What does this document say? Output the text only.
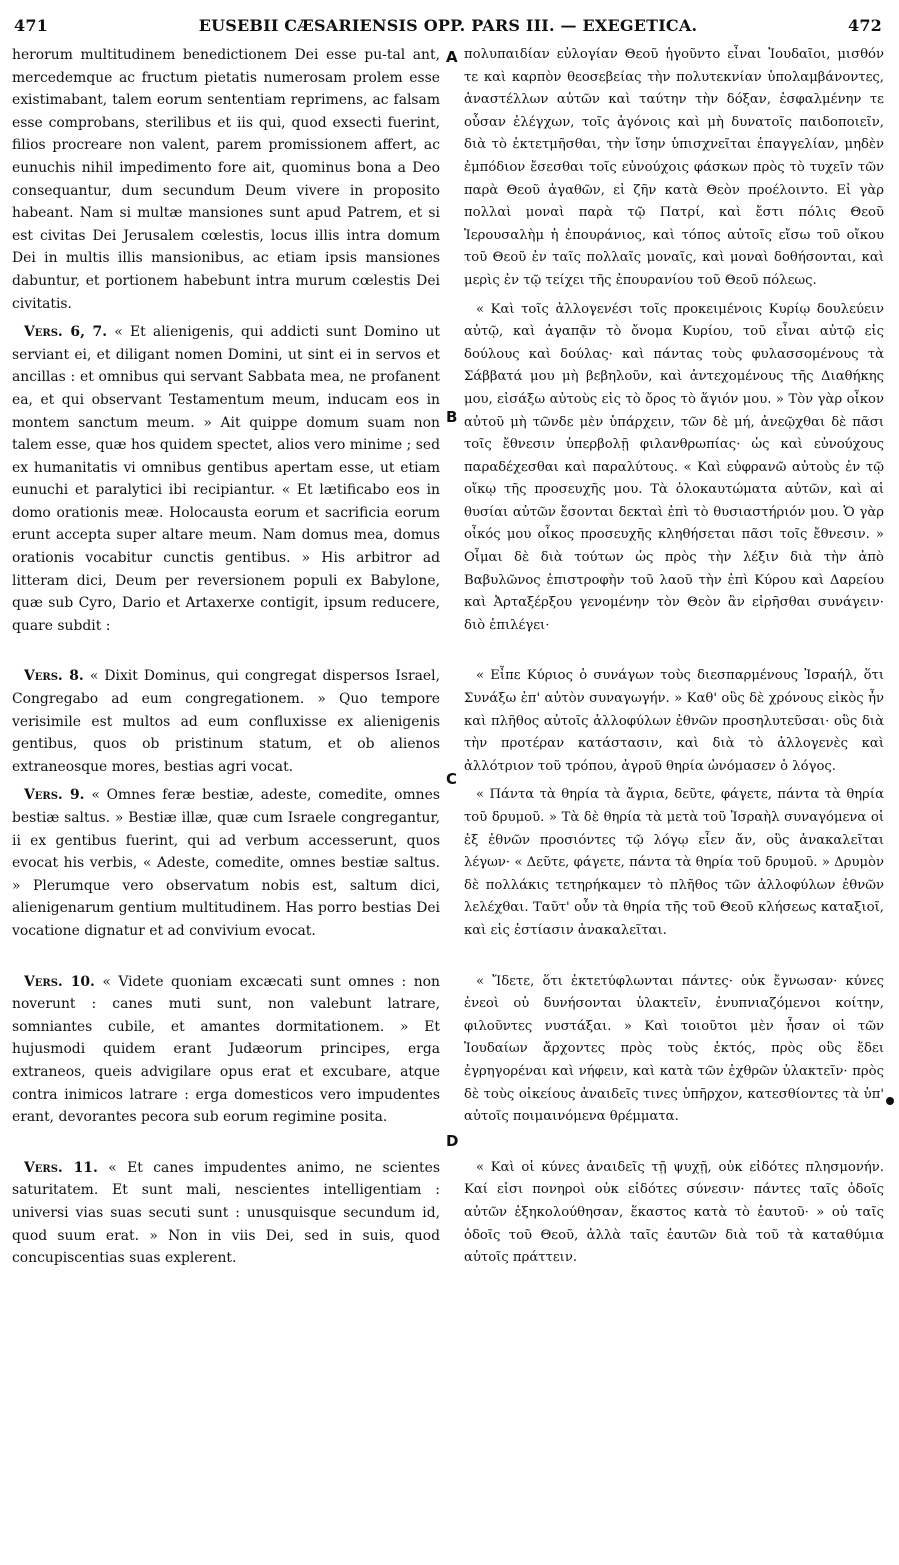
471	EUSEBII CÆSARIENSIS OPP. PARS III. — EXEGETICA.	472

herorum multitudinem benedictionem Dei esse pu-tal ant, mercedemque ac fructum pietatis numerosam prolem esse existimabant, talem eorum sententiam reprimens, ac falsam esse comprobans, sterilibus et iis qui, quod exsecti fuerint, filios procreare non valent, parem promissionem affert, ac eunuchis nihil impedimento fore ait, quominus bona a Deo consequantur, dum secundum Deum vivere in proposito habeant. Nam si multæ mansiones sunt apud Patrem, et si est civitas Dei Jerusalem cœlestis, locus illis intra domum Dei in multis illis mansionibus, ac etiam ipsis mansiones dabuntur, et portionem habebunt intra murum cœlestis Dei civitatis.

Vers. 6, 7. « Et alienigenis, qui addicti sunt Domino ut serviant ei, et diligant nomen Domini, ut sint ei in servos et ancillas : et omnibus qui servant Sabbata mea, ne profanent ea, et qui observant Testamentum meum, inducam eos in montem sanctum meum. » Ait quippe domum suam non talem esse, quæ hos quidem spectet, alios vero minime ; sed ex humanitatis vi omnibus gentibus apertam esse, ut etiam eunuchi et paralytici ibi recipiantur. « Et lætificabo eos in domo orationis meæ. Holocausta eorum et sacrificia eorum erunt accepta super altare meum. Nam domus mea, domus orationis vocabitur cunctis gentibus. » His arbitror ad litteram dici, Deum per reversionem populi ex Babylone, quæ sub Cyro, Dario et Artaxerxe contigit, ipsum reducere, quare subdit :

Vers. 8. « Dixit Dominus, qui congregat dispersos Israel, Congregabo ad eum congregationem. » Quo tempore verisimile est multos ad eum confluxisse ex alienigenis gentibus, quos ob pristinum statum, et ob alienos extraneosque mores, bestias agri vocat.

Vers. 9. « Omnes feræ bestiæ, adeste, comedite, omnes bestiæ saltus. » Bestiæ illæ, quæ cum Israele congregantur, ii ex gentibus fuerint, qui ad verbum accesserunt, quos evocat his verbis, « Adeste, comedite, omnes bestiæ saltus. » Plerumque vero observatum nobis est, saltum dici, alienigenarum gentium multitudinem. Has porro bestias Dei vocatione dignatur et ad convivium evocat.

Vers. 10. « Videte quoniam excæcati sunt omnes : non noverunt : canes muti sunt, non valebunt latrare, somniantes cubile, et amantes dormitationem. » Et hujusmodi quidem erant Judæorum principes, erga extraneos, queis advigilare opus erat et excubare, atque contra inimicos latrare : erga domesticos vero impudentes erant, devorantes pecora sub eorum regimine posita.

Vers. 11. « Et canes impudentes animo, ne scientes saturitatem. Et sunt mali, nescientes intelligentiam : universi vias suas secuti sunt : unusquisque secundum id, quod suum erat. » Non in viis Dei, sed in suis, quod concupiscentias suas explerent.

A
B
C
D

πολυπαιδίαν εὐλογίαν Θεοῦ ἡγοῦντο εἶναι Ἰουδαῖοι, μισθόν τε καὶ καρπὸν θεοσεβείας τὴν πολυτεκνίαν ὑπολαμβάνοντες, ἀναστέλλων αὐτῶν καὶ ταύτην τὴν δόξαν, ἐσφαλμένην τε οὖσαν ἐλέγχων, τοῖς ἀγόνοις καὶ μὴ δυνατοῖς παιδοποιεῖν, διὰ τὸ ἐκτετμῆσθαι, τὴν ἴσην ὑπισχνεῖται ἐπαγγελίαν, μηδὲν ἐμπόδιον ἔσεσθαι τοῖς εὐνούχοις φάσκων πρὸς τὸ τυχεῖν τῶν παρὰ Θεοῦ ἀγαθῶν, εἰ ζῆν κατὰ Θεὸν προέλοιντο. Εἰ γὰρ πολλαὶ μοναὶ παρὰ τῷ Πατρί, καὶ ἔστι πόλις Θεοῦ Ἱερουσαλὴμ ἡ ἐπουράνιος, καὶ τόπος αὐτοῖς εἴσω τοῦ οἴκου τοῦ Θεοῦ ἐν ταῖς πολλαῖς μοναῖς, καὶ μοναὶ δοθήσονται, καὶ μερὶς ἐν τῷ τείχει τῆς ἐπουρανίου τοῦ Θεοῦ πόλεως.

« Καὶ τοῖς ἀλλογενέσι τοῖς προκειμένοις Κυρίῳ δουλεύειν αὐτῷ, καὶ ἀγαπᾷν τὸ ὄνομα Κυρίου, τοῦ εἶναι αὐτῷ εἰς δούλους καὶ δούλας· καὶ πάντας τοὺς φυλασσομένους τὰ Σάββατά μου μὴ βεβηλοῦν, καὶ ἀντεχομένους τῆς Διαθήκης μου, εἰσάξω αὐτοὺς εἰς τὸ ὄρος τὸ ἅγιόν μου. » Τὸν γὰρ οἶκον αὐτοῦ μὴ τῶνδε μὲν ὑπάρχειν, τῶν δὲ μή, ἀνεῷχθαι δὲ πᾶσι τοῖς ἔθνεσιν ὑπερβολῇ φιλανθρωπίας· ὡς καὶ εὐνούχους παραδέχεσθαι καὶ παραλύτους. « Καὶ εὐφρανῶ αὐτοὺς ἐν τῷ οἴκῳ τῆς προσευχῆς μου. Τὰ ὁλοκαυτώματα αὐτῶν, καὶ αἱ θυσίαι αὐτῶν ἔσονται δεκταὶ ἐπὶ τὸ θυσιαστήριόν μου. Ὁ γὰρ οἶκός μου οἶκος προσευχῆς κληθήσεται πᾶσι τοῖς ἔθνεσιν. » Οἶμαι δὲ διὰ τούτων ὡς πρὸς τὴν λέξιν διὰ τὴν ἀπὸ Βαβυλῶνος ἐπιστροφὴν τοῦ λαοῦ τὴν ἐπὶ Κύρου καὶ Δαρείου καὶ Ἀρταξέρξου γενομένην τὸν Θεὸν ἂν εἰρῆσθαι συνάγειν· διὸ ἐπιλέγει·

« Εἶπε Κύριος ὁ συνάγων τοὺς διεσπαρμένους Ἰσραήλ, ὅτι Συνάξω ἐπ' αὐτὸν συναγωγήν. » Καθ' οὓς δὲ χρόνους εἰκὸς ἦν καὶ πλῆθος αὐτοῖς ἀλλοφύλων ἐθνῶν προσηλυτεῦσαι· οὓς διὰ τὴν προτέραν κατάστασιν, καὶ διὰ τὸ ἀλλογενὲς καὶ ἀλλότριον τοῦ τρόπου, ἀγροῦ θηρία ὠνόμασεν ὁ λόγος.

« Πάντα τὰ θηρία τὰ ἄγρια, δεῦτε, φάγετε, πάντα τὰ θηρία τοῦ δρυμοῦ. » Τὰ δὲ θηρία τὰ μετὰ τοῦ Ἰσραὴλ συναγόμενα οἱ ἐξ ἐθνῶν προσιόντες τῷ λόγῳ εἶεν ἄν, οὓς ἀνακαλεῖται λέγων· « Δεῦτε, φάγετε, πάντα τὰ θηρία τοῦ δρυμοῦ. » Δρυμὸν δὲ πολλάκις τετηρήκαμεν τὸ πλῆθος τῶν ἀλλοφύλων ἐθνῶν λελέχθαι. Ταῦτ' οὖν τὰ θηρία τῆς τοῦ Θεοῦ κλήσεως καταξιοῖ, καὶ εἰς ἑστίασιν ἀνακαλεῖται.

« Ἴδετε, ὅτι ἐκτετύφλωνται πάντες· οὐκ ἔγνωσαν· κύνες ἐνεοὶ οὐ δυνήσονται ὑλακτεῖν, ἐνυπνιαζόμενοι κοίτην, φιλοῦντες νυστάξαι. » Καὶ τοιοῦτοι μὲν ἦσαν οἱ τῶν Ἰουδαίων ἄρχοντες πρὸς τοὺς ἐκτός, πρὸς οὓς ἔδει ἐγρηγορέναι καὶ νήφειν, καὶ κατὰ τῶν ἐχθρῶν ὑλακτεῖν· πρὸς δὲ τοὺς οἰκείους ἀναιδεῖς τινες ὑπῆρχον, κατεσθίοντες τὰ ὑπ' αὐτοῖς ποιμαινόμενα θρέμματα.

« Καὶ οἱ κύνες ἀναιδεῖς τῇ ψυχῇ, οὐκ εἰδότες πλησμονήν. Καί εἰσι πονηροὶ οὐκ εἰδότες σύνεσιν· πάντες ταῖς ὁδοῖς αὐτῶν ἐξηκολούθησαν, ἕκαστος κατὰ τὸ ἑαυτοῦ· » οὐ ταῖς ὁδοῖς τοῦ Θεοῦ, ἀλλὰ ταῖς ἑαυτῶν διὰ τοῦ τὰ καταθύμια αὐτοῖς πράττειν.
